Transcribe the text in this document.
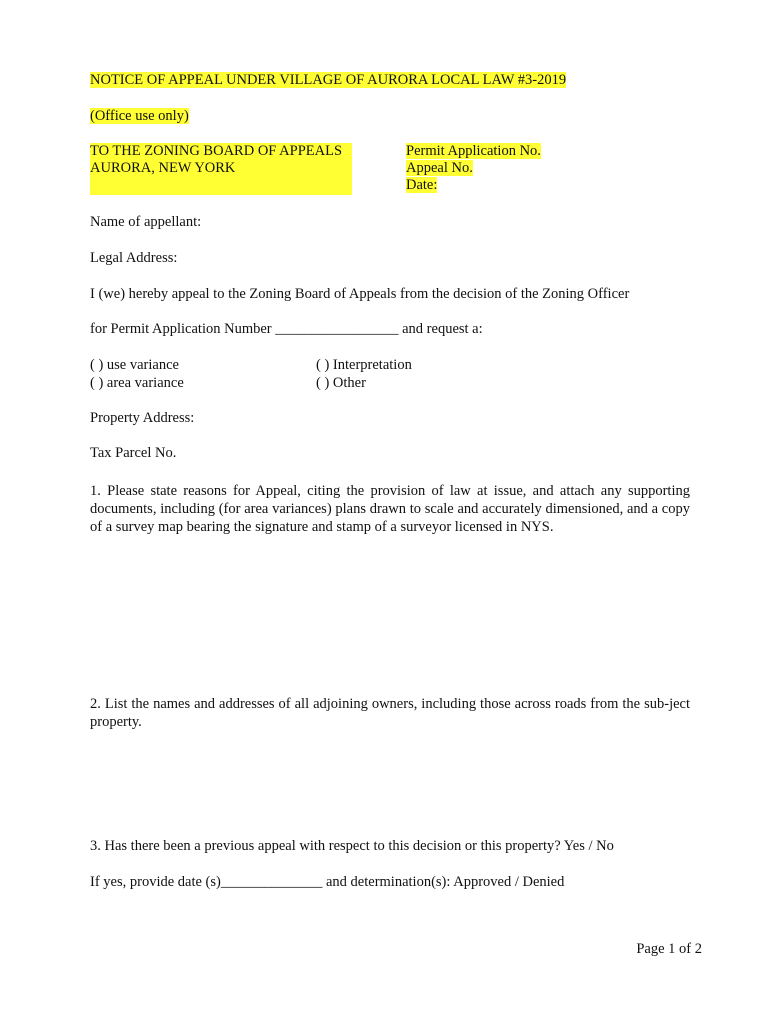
NOTICE OF APPEAL UNDER VILLAGE OF AURORA LOCAL LAW #3-2019
(Office use only)
TO THE ZONING BOARD OF APPEALS
AURORA, NEW YORK
Permit Application No.
Appeal No.
Date:
Name of appellant:
Legal Address:
I (we) hereby appeal to the Zoning Board of Appeals from the decision of the Zoning Officer
for Permit Application Number _________________ and request a:
( ) use variance
( ) area variance
( ) Interpretation
( ) Other
Property Address:
Tax Parcel No.
1. Please state reasons for Appeal, citing the provision of law at issue, and attach any supporting documents, including (for area variances) plans drawn to scale and accurately dimensioned, and a copy of a survey map bearing the signature and stamp of a surveyor licensed in NYS.
2. List the names and addresses of all adjoining owners, including those across roads from the sub-ject property.
3. Has there been a previous appeal with respect to this decision or this property? Yes / No
If yes, provide date (s)______________ and determination(s): Approved / Denied
Page 1 of 2
